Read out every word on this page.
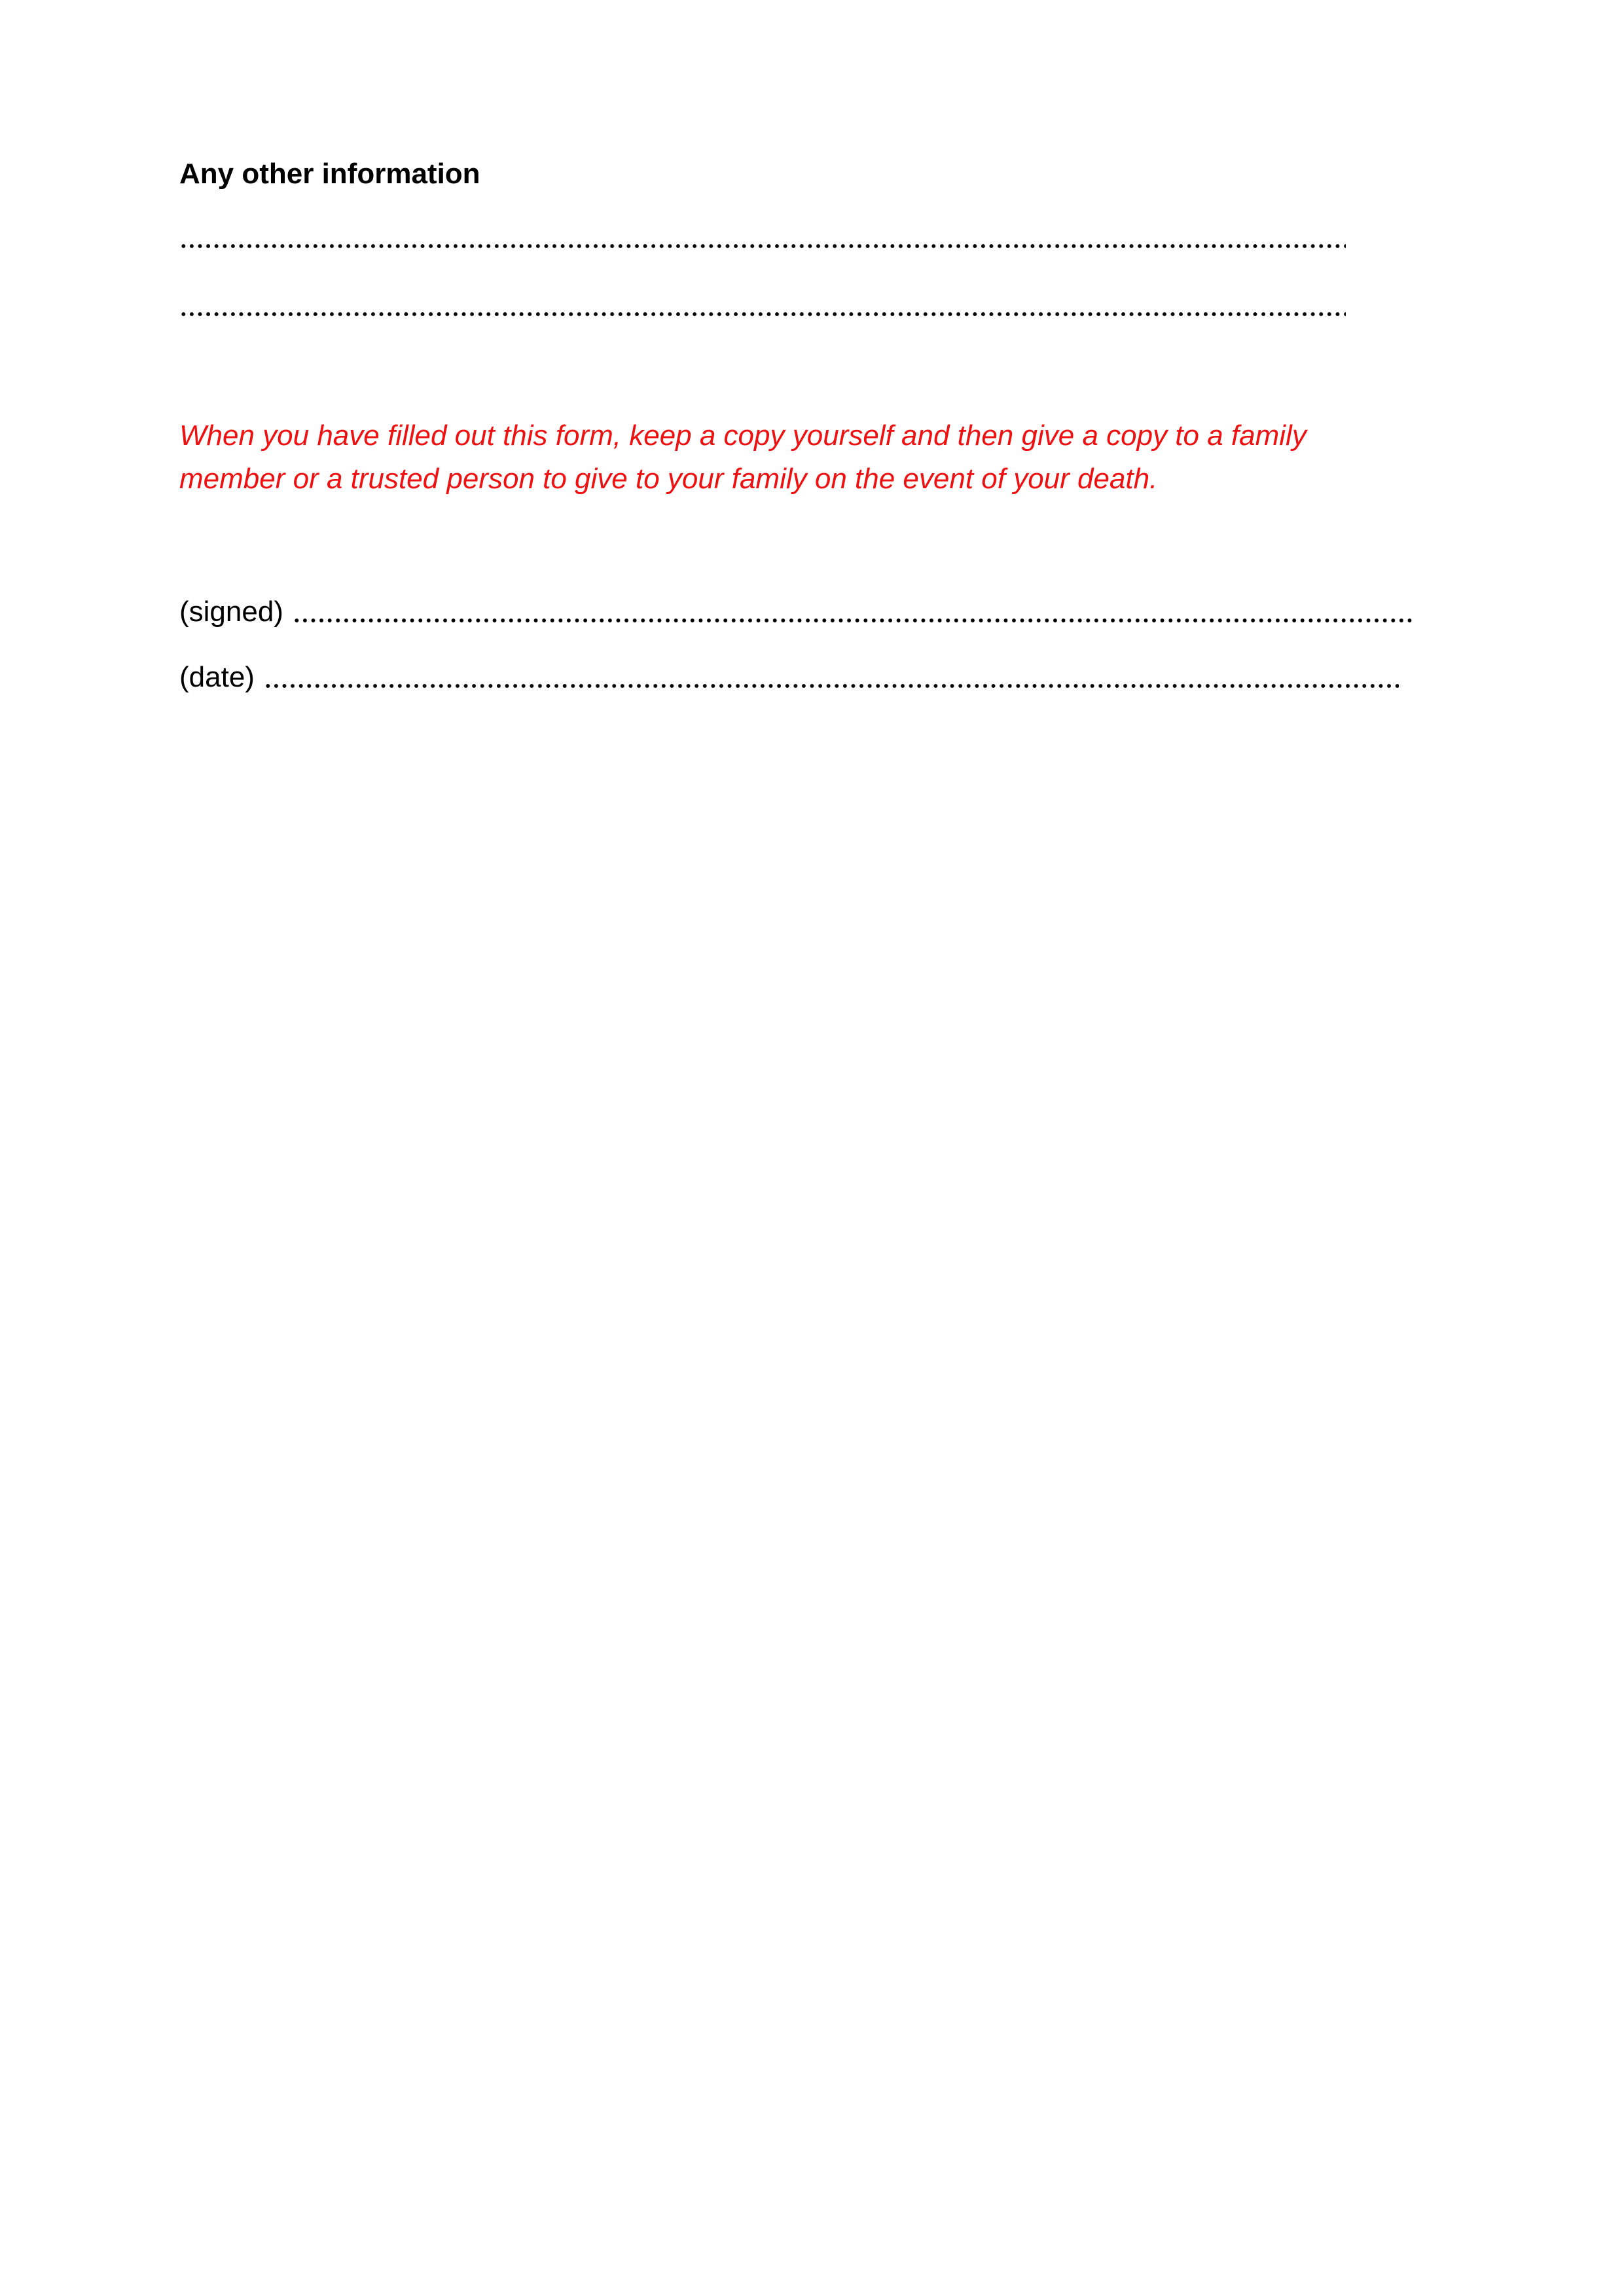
Any other information
When you have filled out this form, keep a copy yourself and then give a copy to a family
member or a trusted person to give to your family on the event of your death.
(signed)
(date)
